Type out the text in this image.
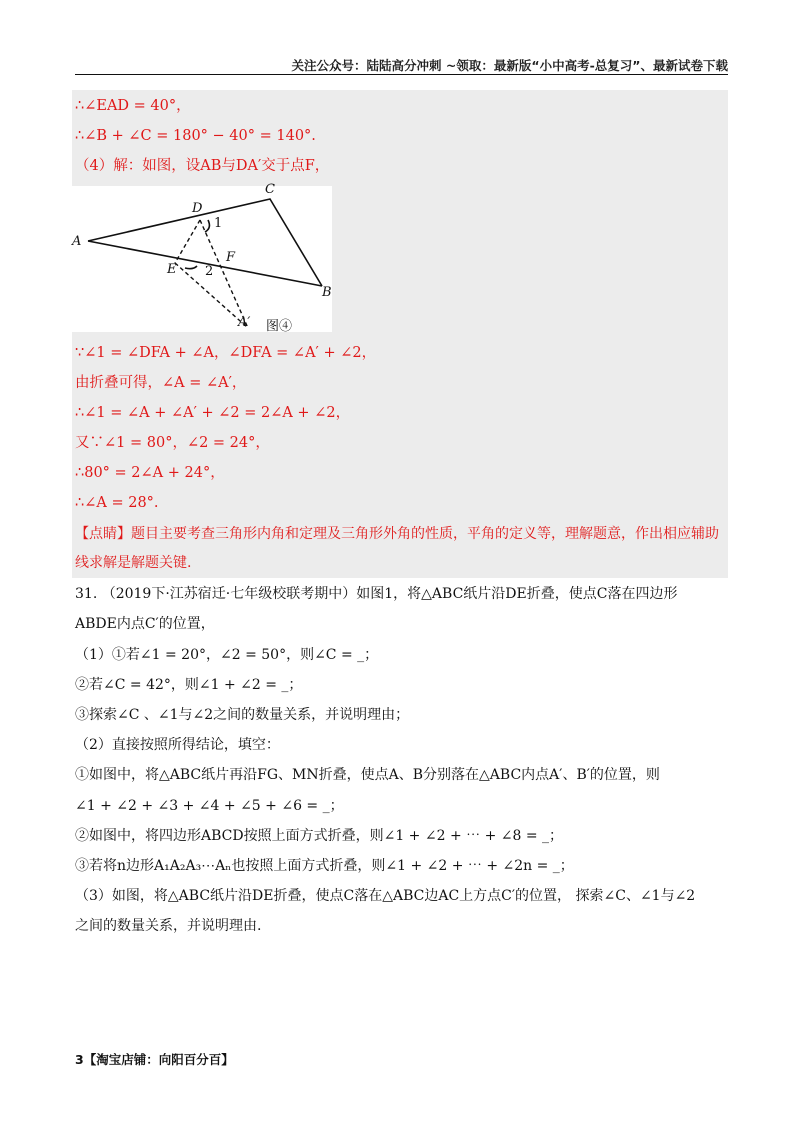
关注公众号：陆陆高分冲刺 ~领取：最新版“小中高考-总复习”、最新试卷下载
∴∠EAD = 40°，
∴∠B + ∠C = 180° − 40° = 140°.
（4）解：如图，设AB与DA′交于点F，
A
C
D
E
F
B
A′
1
2
图④
∵∠1 = ∠DFA + ∠A，∠DFA = ∠A′ + ∠2，
由折叠可得，∠A = ∠A′，
∴∠1 = ∠A + ∠A′ + ∠2 = 2∠A + ∠2，
又∵∠1 = 80°，∠2 = 24°，
∴80° = 2∠A + 24°，
∴∠A = 28°.
【点睛】题目主要考查三角形内角和定理及三角形外角的性质，平角的定义等，理解题意，作出相应辅助
线求解是解题关键.
31. （2019下·江苏宿迁·七年级校联考期中）如图1，将△ABC纸片沿DE折叠，使点C落在四边形
ABDE内点C′的位置，
（1）①若∠1 = 20°，∠2 = 50°，则∠C = _；
②若∠C = 42°，则∠1 + ∠2 = _；
③探索∠C 、∠1与∠2之间的数量关系，并说明理由；
（2）直接按照所得结论，填空：
①如图中，将△ABC纸片再沿FG、MN折叠，使点A、B分别落在△ABC内点A′、B′的位置，则
∠1 + ∠2 + ∠3 + ∠4 + ∠5 + ∠6 = _；
②如图中，将四边形ABCD按照上面方式折叠，则∠1 + ∠2 + ⋯ + ∠8 = _；
③若将n边形A₁A₂A₃⋯Aₙ也按照上面方式折叠，则∠1 + ∠2 + ⋯ + ∠2n = _；
（3）如图，将△ABC纸片沿DE折叠，使点C落在△ABC边AC上方点C′的位置， 探索∠C、∠1与∠2
之间的数量关系，并说明理由.
3【淘宝店铺：向阳百分百】
